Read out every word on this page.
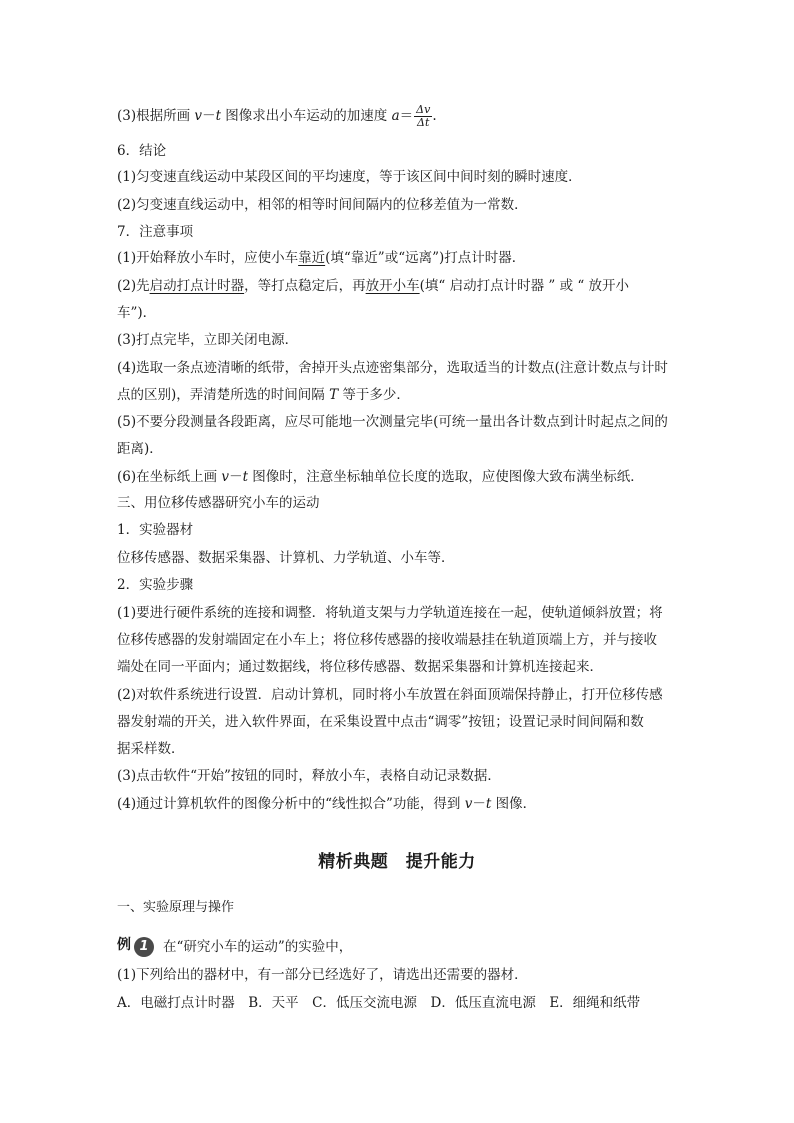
(3)根据所画 v－t 图像求出小车运动的加速度 $a= \frac{\Delta v}{\Delta t}$ .
6．结论
(1)匀变速直线运动中某段区间的平均速度，等于该区间中间时刻的瞬时速度．
(2)匀变速直线运动中，相邻的相等时间间隔内的位移差值为一常数．
7．注意事项
(1)开始释放小车时，应使小车靠近(填“靠近”或“远离”)打点计时器．
(2)先启动打点计时器，等打点稳定后，再放开小车(填“ 启动打点计时器 ” 或 “ 放开小
车”)．
(3)打点完毕，立即关闭电源．
(4)选取一条点迹清晰的纸带，舍掉开头点迹密集部分，选取适当的计数点(注意计数点与计时
点的区别)，弄清楚所选的时间间隔 T 等于多少．
(5)不要分段测量各段距离，应尽可能地一次测量完毕(可统一量出各计数点到计时起点之间的
距离)．
(6)在坐标纸上画 v－t 图像时，注意坐标轴单位长度的选取，应使图像大致布满坐标纸．
三、用位移传感器研究小车的运动
1．实验器材
位移传感器、数据采集器、计算机、力学轨道、小车等．
2．实验步骤
(1)要进行硬件系统的连接和调整．将轨道支架与力学轨道连接在一起，使轨道倾斜放置；将
位移传感器的发射端固定在小车上；将位移传感器的接收端悬挂在轨道顶端上方，并与接收
端处在同一平面内；通过数据线，将位移传感器、数据采集器和计算机连接起来．
(2)对软件系统进行设置．启动计算机，同时将小车放置在斜面顶端保持静止，打开位移传感
器发射端的开关，进入软件界面，在采集设置中点击“调零”按钮；设置记录时间间隔和数
据采样数．
(3)点击软件“开始”按钮的同时，释放小车，表格自动记录数据．
(4)通过计算机软件的图像分析中的“线性拟合”功能，得到 v－t 图像．
精析典题　提升能力
一、实验原理与操作
例 1 在“研究小车的运动”的实验中，
(1)下列给出的器材中，有一部分已经选好了，请选出还需要的器材．
A．电磁打点计时器　B．天平　C．低压交流电源　D．低压直流电源　E．细绳和纸带
